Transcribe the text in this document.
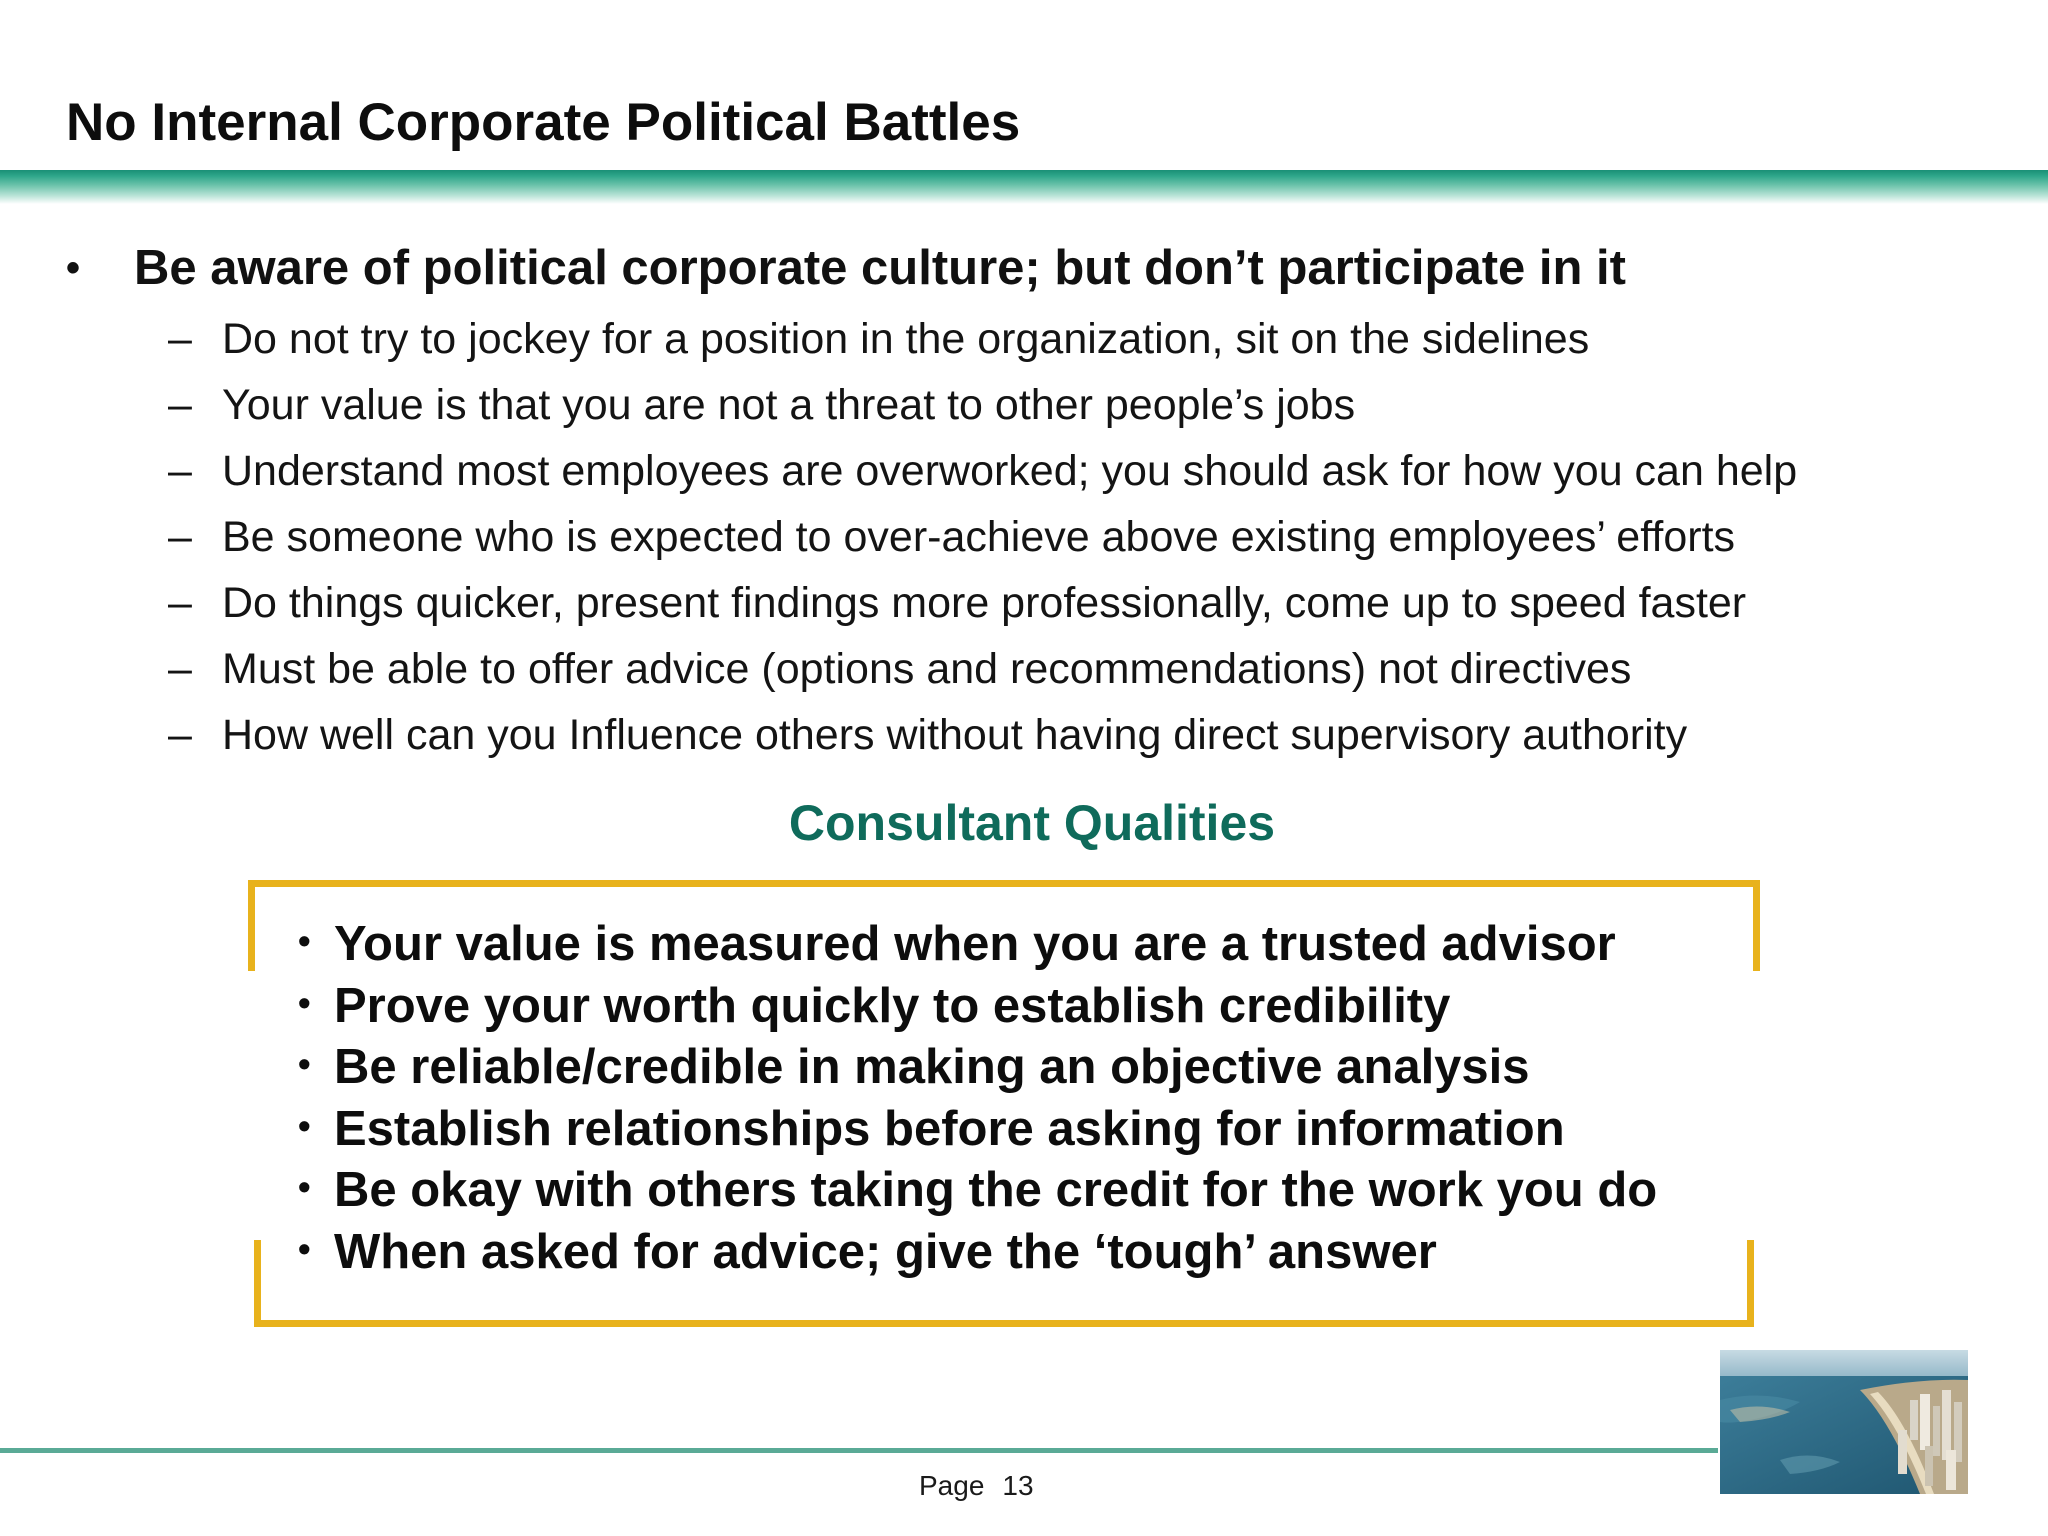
No Internal Corporate Political Battles
• Be aware of political corporate culture; but don’t participate in it
– Do not try to jockey for a position in the organization, sit on the sidelines
– Your value is that you are not a threat to other people’s jobs
– Understand most employees are overworked; you should ask for how you can help
– Be someone who is expected to over-achieve above existing employees’ efforts
– Do things quicker, present findings more professionally, come up to speed faster
– Must be able to offer advice (options and recommendations) not directives
– How well can you Influence others without having direct supervisory authority
Consultant Qualities
• Your value is measured when you are a trusted advisor
• Prove your worth quickly to establish credibility
• Be reliable/credible in making an objective analysis
• Establish relationships before asking for information
• Be okay with others taking the credit for the work you do
• When asked for advice; give the ‘tough’ answer
Page 13
